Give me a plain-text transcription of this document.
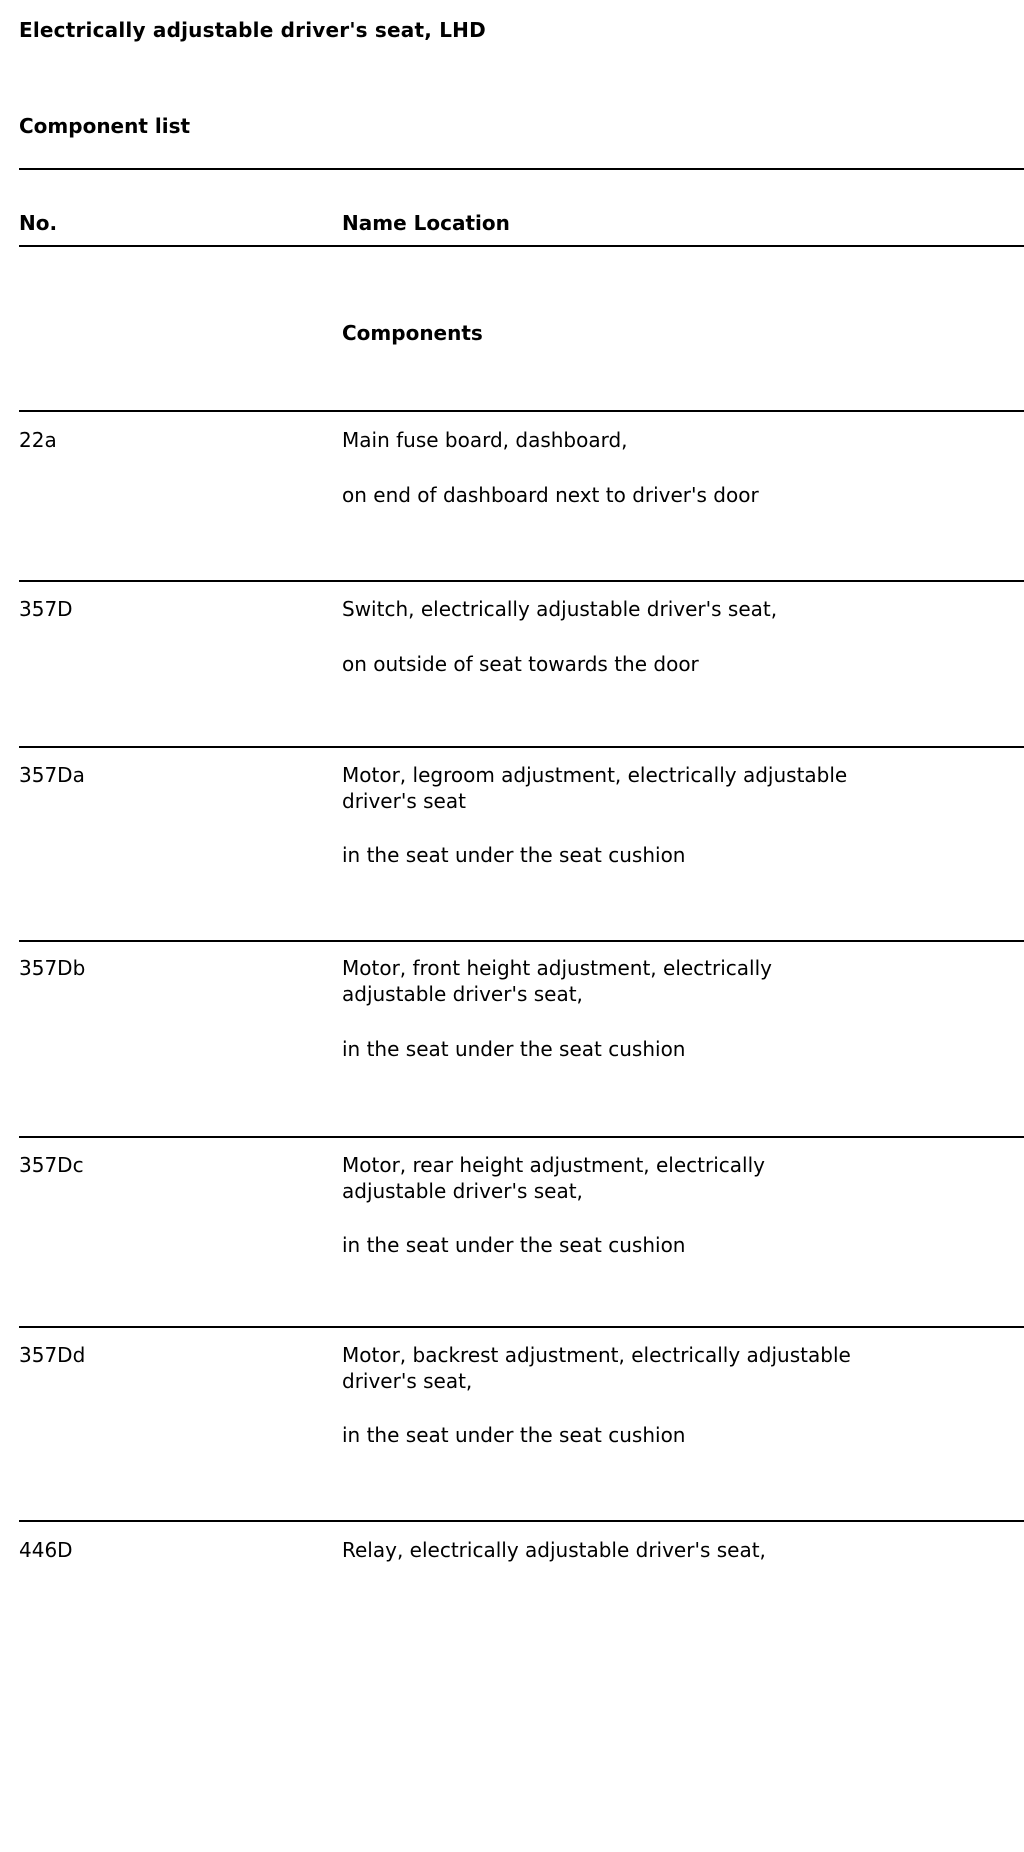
Electrically adjustable driver's seat, LHD
Component list
No.	Name Location
Components
22a	Main fuse board, dashboard,
on end of dashboard next to driver's door
357D	Switch, electrically adjustable driver's seat,
on outside of seat towards the door
357Da	Motor, legroom adjustment, electrically adjustable driver's seat
in the seat under the seat cushion
357Db	Motor, front height adjustment, electrically adjustable driver's seat,
in the seat under the seat cushion
357Dc	Motor, rear height adjustment, electrically adjustable driver's seat,
in the seat under the seat cushion
357Dd	Motor, backrest adjustment, electrically adjustable driver's seat,
in the seat under the seat cushion
446D	Relay, electrically adjustable driver's seat,
